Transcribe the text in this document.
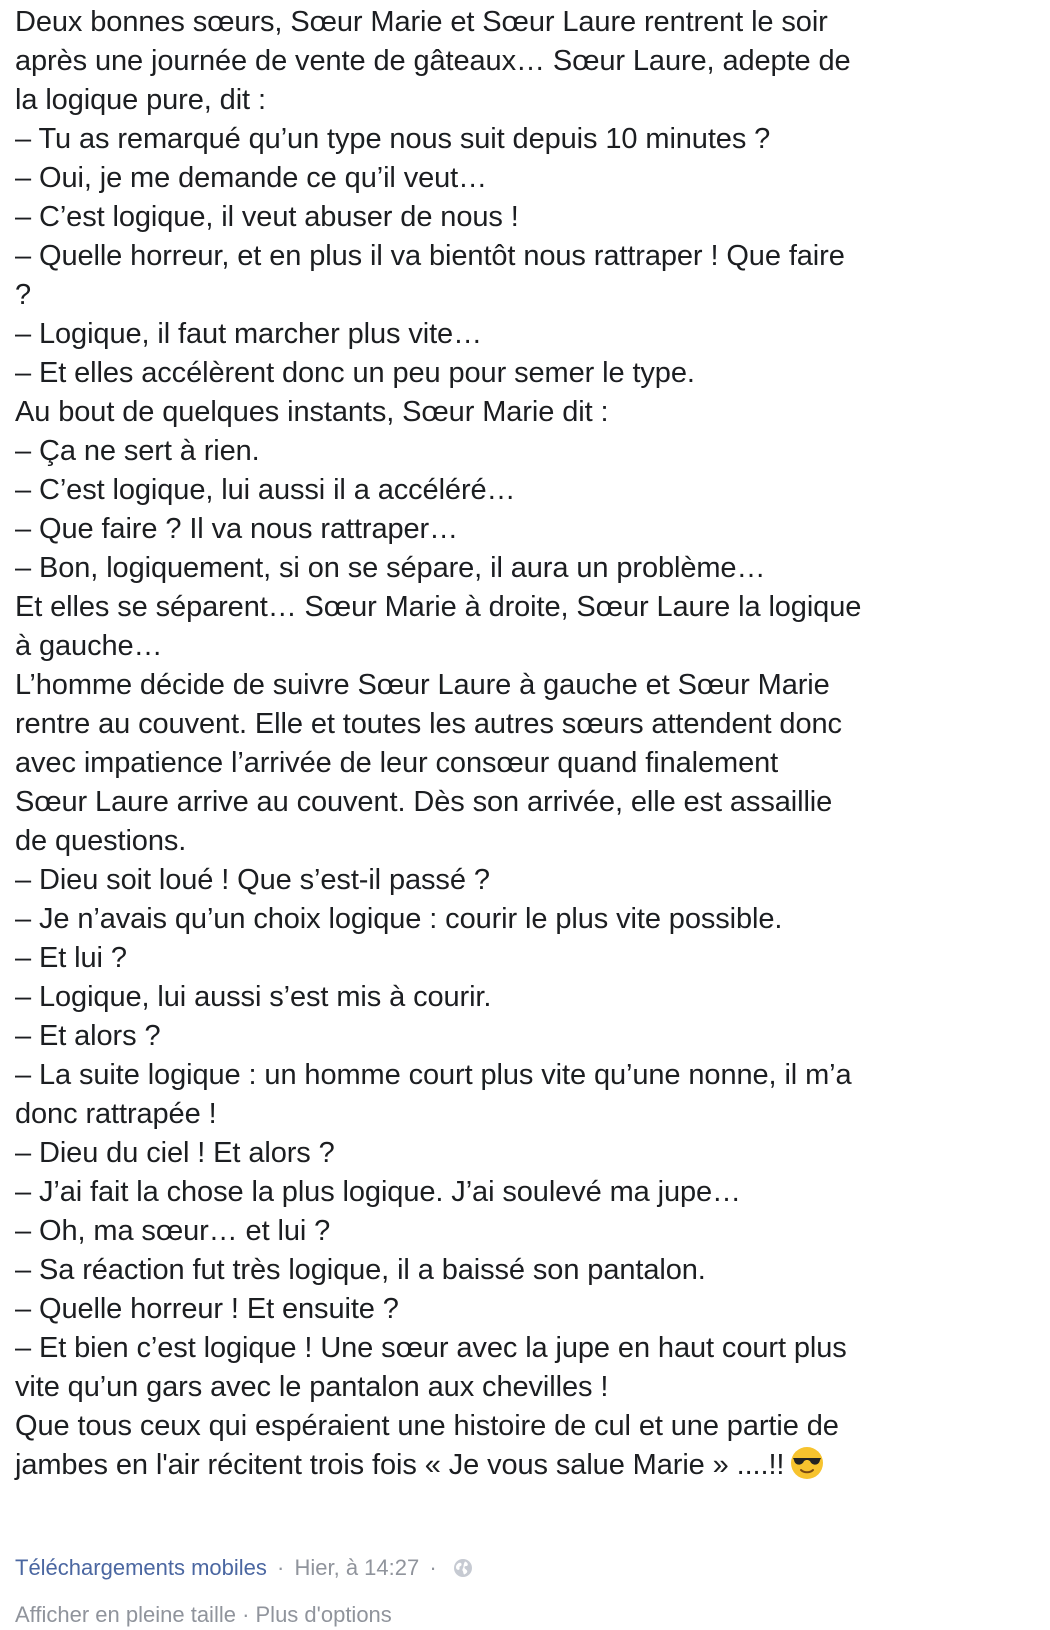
Deux bonnes sœurs, Sœur Marie et Sœur Laure rentrent le soir

après une journée de vente de gâteaux… Sœur Laure, adepte de

la logique pure, dit :

– Tu as remarqué qu’un type nous suit depuis 10 minutes ?

– Oui, je me demande ce qu’il veut…

– C’est logique, il veut abuser de nous !

– Quelle horreur, et en plus il va bientôt nous rattraper ! Que faire

?

– Logique, il faut marcher plus vite…

– Et elles accélèrent donc un peu pour semer le type.

Au bout de quelques instants, Sœur Marie dit :

– Ça ne sert à rien.

– C’est logique, lui aussi il a accéléré…

– Que faire ? Il va nous rattraper…

– Bon, logiquement, si on se sépare, il aura un problème…

Et elles se séparent… Sœur Marie à droite, Sœur Laure la logique

à gauche…

L’homme décide de suivre Sœur Laure à gauche et Sœur Marie

rentre au couvent. Elle et toutes les autres sœurs attendent donc

avec impatience l’arrivée de leur consœur quand finalement

Sœur Laure arrive au couvent. Dès son arrivée, elle est assaillie

de questions.

– Dieu soit loué ! Que s’est-il passé ?

– Je n’avais qu’un choix logique : courir le plus vite possible.

– Et lui ?

– Logique, lui aussi s’est mis à courir.

– Et alors ?

– La suite logique : un homme court plus vite qu’une nonne, il m’a

donc rattrapée !

– Dieu du ciel ! Et alors ?

– J’ai fait la chose la plus logique. J’ai soulevé ma jupe…

– Oh, ma sœur… et lui ?

– Sa réaction fut très logique, il a baissé son pantalon.

– Quelle horreur ! Et ensuite ?

– Et bien c’est logique ! Une sœur avec la jupe en haut court plus

vite qu’un gars avec le pantalon aux chevilles !

Que tous ceux qui espéraient une histoire de cul et une partie de

jambes en l'air récitent trois fois « Je vous salue Marie » ....!!

Téléchargements mobiles · Hier, à 14:27 ·
Afficher en pleine taille · Plus d'options
